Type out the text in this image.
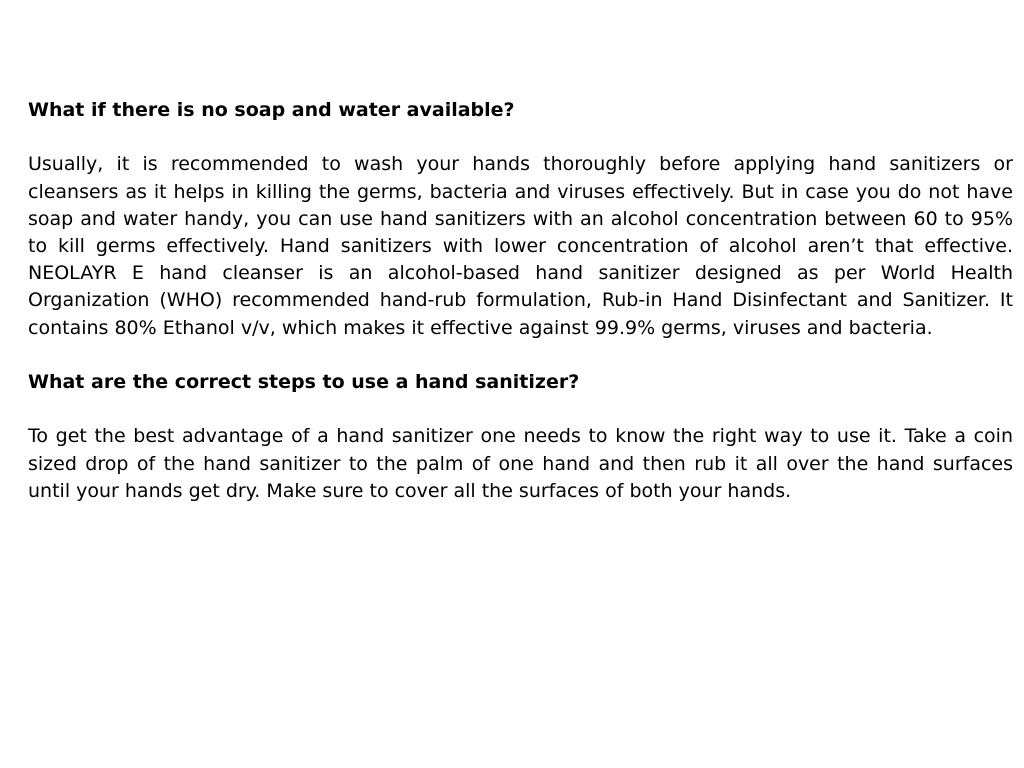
What if there is no soap and water available?

Usually, it is recommended to wash your hands thoroughly before applying hand sanitizers or cleansers as it helps in killing the germs, bacteria and viruses effectively. But in case you do not have soap and water handy, you can use hand sanitizers with an alcohol concentration between 60 to 95% to kill germs effectively. Hand sanitizers with lower concentration of alcohol aren’t that effective. NEOLAYR E hand cleanser is an alcohol-based hand sanitizer designed as per World Health Organization (WHO) recommended hand-rub formulation, Rub-in Hand Disinfectant and Sanitizer. It contains 80% Ethanol v/v, which makes it effective against 99.9% germs, viruses and bacteria.

What are the correct steps to use a hand sanitizer?

To get the best advantage of a hand sanitizer one needs to know the right way to use it. Take a coin sized drop of the hand sanitizer to the palm of one hand and then rub it all over the hand surfaces until your hands get dry. Make sure to cover all the surfaces of both your hands.
